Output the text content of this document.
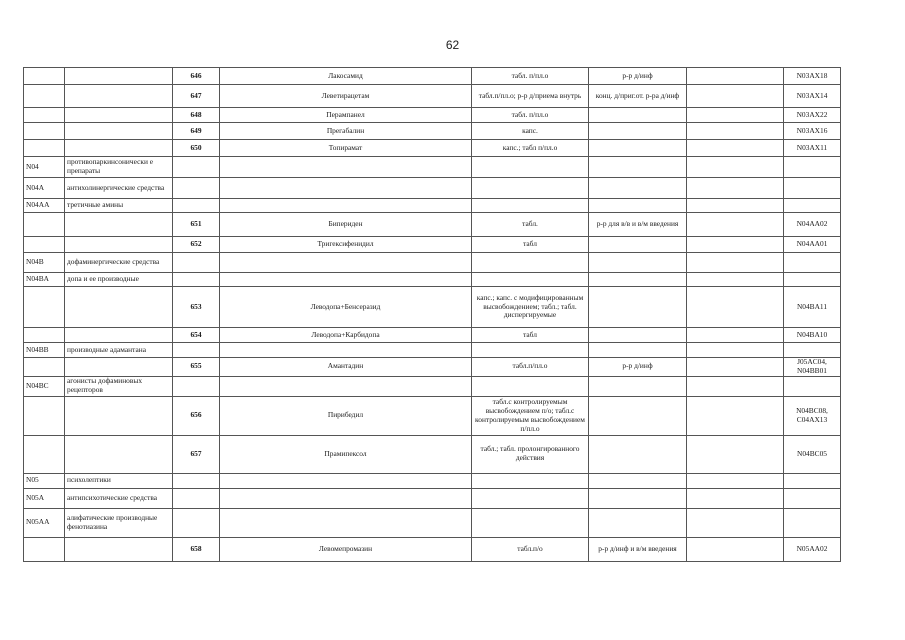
62
		646	Лакосамид	табл. п/пл.о	р-р д/инф		N03AX18
		647	Леветирацетам	табл.п/пл.о; р-р д/приема внутрь	конц. д/приг.от. р-ра д/инф		N03AX14
		648	Перампанел	табл. п/пл.о			N03AX22
		649	Прегабалин	капс.			N03AX16
		650	Топирамат	капс.; табл п/пл.о			N03AX11
N04	противопаркинсонически е препараты						
N04A	антихолинергические средства						
N04AA	третичные амины						
		651	Бипериден	табл.	р-р для в/в и в/м введения		N04AA02
		652	Тригексифенидил	табл			N04AA01
N04B	дофаминергические средства						
N04BA	допа и ее производные						
		653	Леводопа+Бенсеразид	капс.; капс. с модифицированным высвобождением; табл.; табл. диспергируемые			N04BA11
		654	Леводопа+Карбидопа	табл			N04BA10
N04BB	производные адамантана						
		655	Амантадин	табл.п/пл.о	р-р д/инф		J05AC04, N04BB01
N04BC	агонисты дофаминовых рецепторов						
		656	Пирибедил	табл.с контролируемым высвобождением п/о; табл.с контролируемым высвобождением п/пл.о			N04BC08, C04AX13
		657	Прамипексол	табл.; табл. пролонгированного действия			N04BC05
N05	психолептики						
N05A	антипсихотические средства						
N05AA	алифатические производные фенотиазина						
		658	Левомепромазин	табл.п/о	р-р д/инф и в/м введения		N05AA02
